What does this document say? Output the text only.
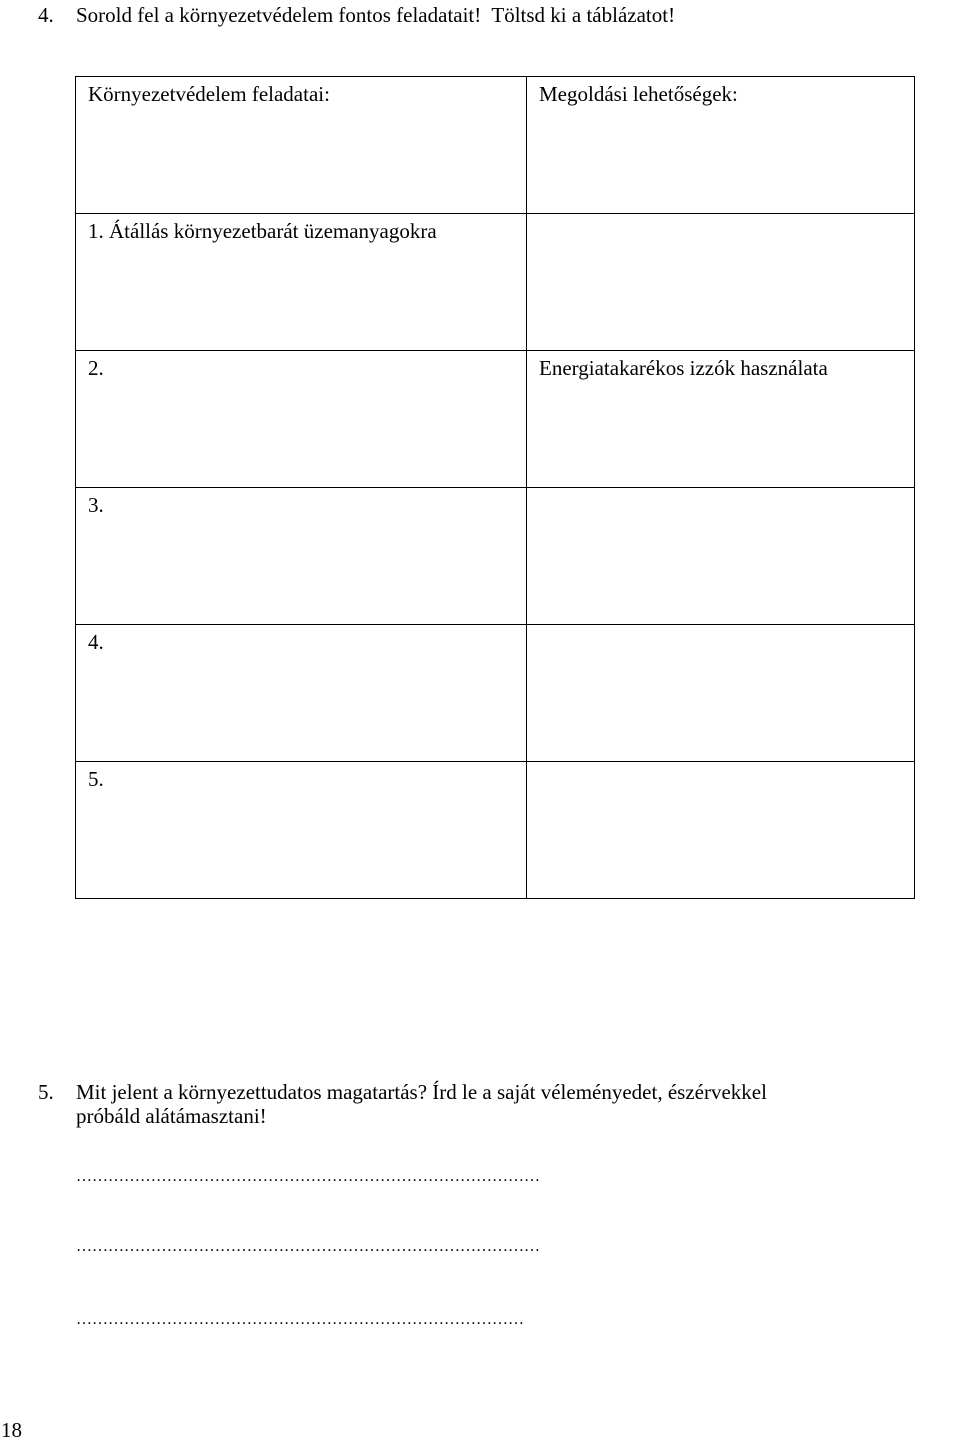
4. Sorold fel a környezetvédelem fontos feladatait!  Töltsd ki a táblázatot!
Környezetvédelem feladatai:	Megoldási lehetőségek:
1. Átállás környezetbarát üzemanyagokra	
2.	Energiatakarékos izzók használata
3.	
4.	
5.	
5. Mit jelent a környezettudatos magatartás? Írd le a saját véleményedet, észérvekkel
próbáld alátámasztani!
……………………………………………………………………………
……………………………………………………………………………
…………………………………………………………………………
18
